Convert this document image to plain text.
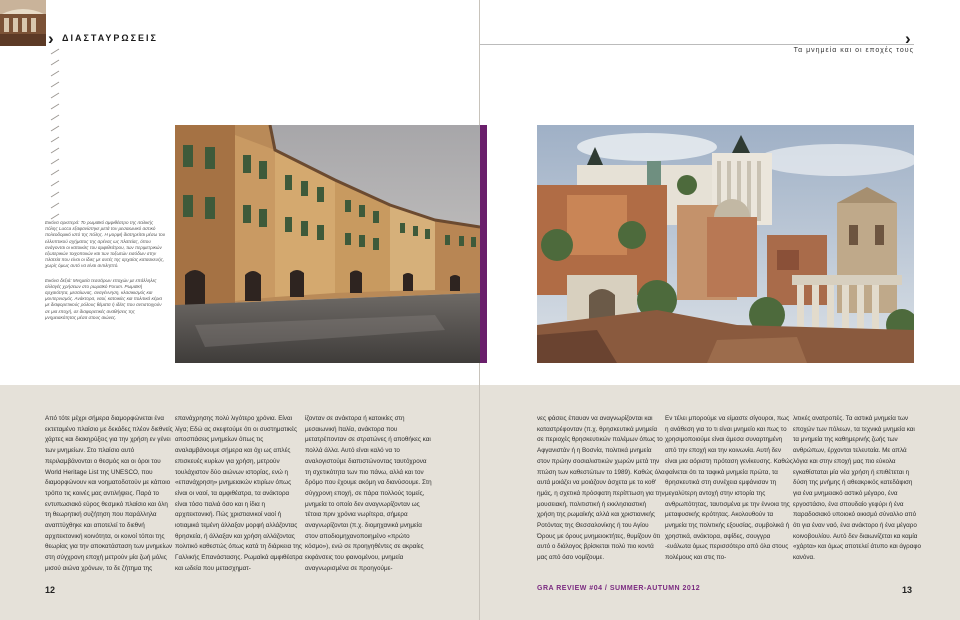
› ΔΙΑΣΤΑΥΡΩΣΕΙΣ	›
Τα μνημεία και οι εποχές τους

Εικόνα αριστερά: Το ρωμαϊκό αμφιθέατρο της ιταλικής πόλης Lucca εξαφανίστηκε μετά τον μεσαιωνικό αστικό πολεοδομικό ιστό της πόλης. Η μορφή διατηρείται μέσω του ελλειπτικού σχήματος της αρένας ως πλατείας, όπου ανάγονται οι κατοικίες του αμφιθεάτρου, των περιμετρικών εξωτερικών τοιχοποιιών και των τοξωτών εισόδων στην πλατεία που είναι οι ίδιες με αυτές της αρχαίας κατασκευής, χωρίς όμως αυτό να είναι αντιληπτό.

Εικόνα δεξιά: Μνημεία τεσσάρων εποχών με επάλληλες αλλαγές χρήσεων στο ρωμαϊκό Forum. Ρωμαϊκή αρχαιότητα, μεσαίωνας, αναγέννηση, κλασικισμός και μοντερνισμός. Ανάκτορα, ναοί, κατοικίες και πολιτικά κέρια με διαφορετικούς ρόλους θέματα ή ιδέες που αντιστοιχούν σε μια εποχή, σε διαφορετικές αναθήσεις της μνημειακότητας μέσα στους αιώνες.

Από τότε μέχρι σήμερα διαμορφώνεται ένα εκτεταμένο πλαίσιο με δεκάδες πλέον διεθνείς χάρτες και διακηρύξεις για την χρήση εν γένει των μνημείων. Στο πλαίσιο αυτό περιλαμβάνονται ο θεσμός και οι όροι του World Heritage List της UNESCO, που διαμορφώνουν και νοηματοδοτούν με κάποιο τρόπο τις κοινές μας αντιλήψεις. Παρά το εντυπωσιακό εύρος θεσμικό πλαίσιο και όλη τη θεωρητική συζήτηση που παράλληλα αναπτύχθηκε και αποτελεί το διεθνή αρχιτεκτονική κοινότητα, οι κοινοί τόποι της θεωρίας για την αποκατάσταση των μνημείων στη σύγχρονη εποχή μετρούν μία ζωή μόλις μισού αιώνα χρόνων, το δε ζήτημα της

επανάχρησης πολύ λιγότερο χρόνια. Είναι λίγα; Εδώ ας σκεφτούμε ότι οι συστηματικές αποσπάσεις μνημείων όπως τις αναλαμβάνουμε σήμερα και όχι ως απλές επισκευές κυρίων για χρήση, μετρούν τουλάχιστον δύο αιώνων ιστορίας, ενώ η «επανάχρηση» μνημειακών κτιρίων όπως είναι οι ναοί, τα αμφιθέατρα, τα ανάκτορα είναι τόσο παλιά όσο και η ίδια η αρχιτεκτονική. Πώς χριστιανικοί ναοί ή ιοτιαμικά τεμένη άλλαξαν μορφή αλλάζοντας θρησκεία, ή άλλαξαν και χρήση αλλάζοντας πολιτικό καθεστώς όπως κατά τη διάρκεια της Γαλλικής Επανάστασης. Ρωμαϊκά αμφιθέατρα και ωδεία που μετασχηματ-

ίζονταν σε ανάκτορα ή κατοικίες στη μεσαιωνική Ιταλία, ανάκτορα που μετατρέπονταν σε στρατώνες ή αποθήκες και πολλά άλλα. Αυτό είναι καλό να το αναλογιστούμε διαπιστώνοντας ταυτόχρονα τη σχετικότητα των πιο πάνω, αλλά και τον δρόμο που έχουμε ακόμη να διανύσουμε. Στη σύγχρονη εποχή, σε πάρα πολλούς τομείς, μνημεία το οποίο δεν αναγνωρίζονταν ως τέτοια πριν χρόνια νωρίτερα, σήμερα αναγνωρίζονται (π.χ. διομηχανικά μνημεία στον αποδιομηχανοποιημένο «πρώτο κόσμο»), ενώ σε προηγηθέντες σε ακραίες εκφάνσεις του φαινομένου, μνημεία αναγνωρισμένα σε προηγούμε-

νες φάσεις έπαυαν να αναγνωρίζονται και καταστρέφονταν (π.χ. θρησκευτικά μνημεία σε περιοχές θρησκευτικών πολέμων όπως το Αφγανιστάν ή η Βοσνία, πολιτικά μνημεία στον πρώην σοσιαλιστικών χωρών μετά την πτώση των καθεστώτων το 1989). Καθώς όλα αυτά μοιάζει να μοιάζουν άσχετα με το κοθ' ημάς, η σχετικά πρόσφατη περίπτωση για την μουσειακή, πολιτιστική ή εκκλησιαστική χρήση της ρωμαϊκής αλλά και χριστιανικής Ροτόντας της Θεσσαλονίκης ή του Αγίου Όρους με όρους μνημειοκτήτες, θυμίζουν ότι αυτό ο διάλογος βρίσκεται πολύ πιο κοντά μας από όσο νομίζουμε.

Εν τέλει μπορούμε να είμαστε σίγουροι, πως η ανάθεση για το τι είναι μνημείο και πως το χρησιμοποιούμε είναι άμεσα συναρτημένη από την εποχή και την κοινωνία. Αυτή δεν είναι μια αόριστη πρόταση γενίκευσης. Καθώς φαίνεται ότι τα ταφικά μνημεία πρώτα, τα θρησκευτικά στη συνέχεια εμφάνισαν τη μεγαλύτερη αντοχή στην ιστορία της ανθρωπότητας, ταυτισμένα με την έννοια της μεταφυσικής ιερότητας. Ακολουθούν τα μνημεία της πολιτικής εξουσίας, συμβολικά ή χρηστικά, ανάκτορα, αψίδες, σουγγρα -ευάλωτα όμως περισσότερο από όλα στους πολέμους και στις πο-

λιτικές ανατροπές. Τα αστικά μνημεία των εποχών των πόλεων, τα τεχνικά μνημεία και τα μνημεία της καθημερινής ζωής των ανθρώπων, έρχονται τελευταία. Με απλά λόγια και στην εποχή μας πιο εύκολα εγκαθίσταται μία νέα χρήση ή επιθέτεται η δύση της μνήμης ή αθεακρικός κατεδάφιση για ένα μνημειακό αστικό μέγαρο, ένα εργοστάσιο, ένα σπουδαίο γεφύρι ή ένα παραδοσιακό υποιοκό οικισμό σύναλλο από ότι για έναν ναό, ένα ανάκτορο ή ένα μέγαρο κοινοβουλίου. Αυτό δεν διαιωνίζεται κα καμία «χάρτα» και όμως αποτελεί άτυπο και άγραφο κανόνα.

12	GRA REVIEW #04 / SUMMER-AUTUMN 2012	13
